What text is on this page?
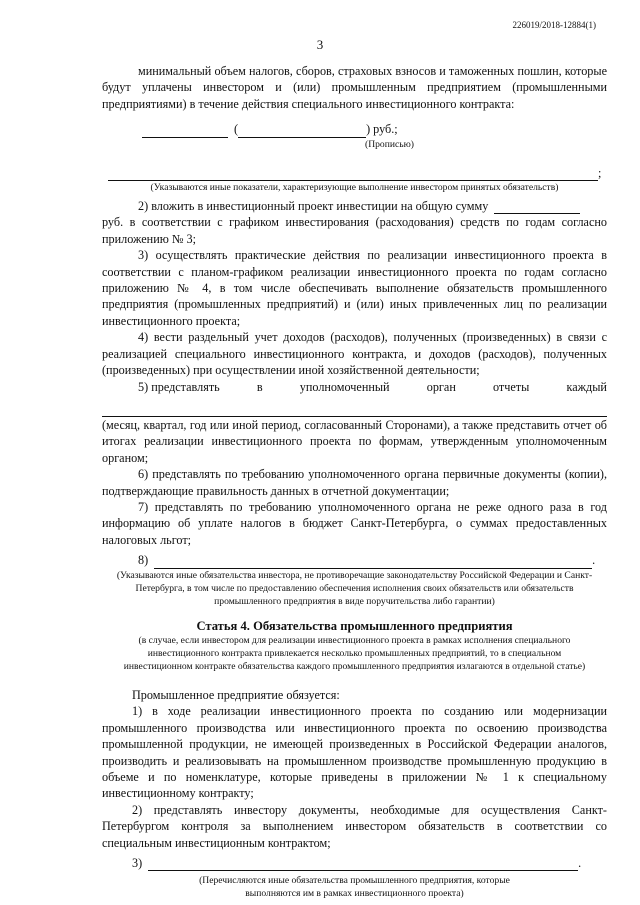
226019/2018-12884(1)
3

минимальный объем налогов, сборов, страховых взносов и таможенных пошлин, которые будут уплачены инвестором и (или) промышленным предприятием (промышленными предприятиями) в течение действия специального инвестиционного контракта:

(	) руб.;

(Прописью)

;

(Указываются иные показатели, характеризующие выполнение инвестором принятых обязательств)

2) вложить в инвестиционный проект инвестиции на общую сумму

руб. в соответствии с графиком инвестирования (расходования) средств по годам согласно приложению № 3;

3) осуществлять практические действия по реализации инвестиционного проекта в соответствии с планом-графиком реализации инвестиционного проекта по годам согласно приложению № 4, в том числе обеспечивать выполнение обязательств промышленного предприятия (промышленных предприятий) и (или) иных привлеченных лиц по реализации инвестиционного проекта;

4) вести раздельный учет доходов (расходов), полученных (произведенных) в связи с реализацией специального инвестиционного контракта, и доходов (расходов), полученных (произведенных) при осуществлении иной хозяйственной деятельности;

5) представлять	в	уполномоченный	орган	отчеты	каждый

(месяц, квартал, год или иной период, согласованный Сторонами), а также представить отчет об итогах реализации инвестиционного проекта по формам, утвержденным уполномоченным органом;

6) представлять по требованию уполномоченного органа первичные документы (копии), подтверждающие правильность данных в отчетной документации;

7) представлять по требованию уполномоченного органа не реже одного раза в год информацию об уплате налогов в бюджет Санкт-Петербурга, о суммах предоставленных налоговых льгот;

8)	.

(Указываются иные обязательства инвестора, не противоречащие законодательству Российской Федерации и Санкт-Петербурга, в том числе по предоставлению обеспечения исполнения своих обязательств или обязательств промышленного предприятия в виде поручительства либо гарантии)

Статья 4. Обязательства промышленного предприятия

(в случае, если инвестором для реализации инвестиционного проекта в рамках исполнения специального инвестиционного контракта привлекается несколько промышленных предприятий, то в специальном инвестиционном контракте обязательства каждого промышленного предприятия излагаются в отдельной статье)

Промышленное предприятие обязуется:

1) в ходе реализации инвестиционного проекта по созданию или модернизации промышленного производства или инвестиционного проекта по освоению производства промышленной продукции, не имеющей произведенных в Российской Федерации аналогов, производить и реализовывать на промышленном производстве промышленную продукцию в объеме и по номенклатуре, которые приведены в приложении № 1 к специальному инвестиционному контракту;

2) представлять инвестору документы, необходимые для осуществления Санкт-Петербургом контроля за выполнением инвестором обязательств в соответствии со специальным инвестиционным контрактом;

3)	.

(Перечисляются иные обязательства промышленного предприятия, которые выполняются им в рамках инвестиционного проекта)
